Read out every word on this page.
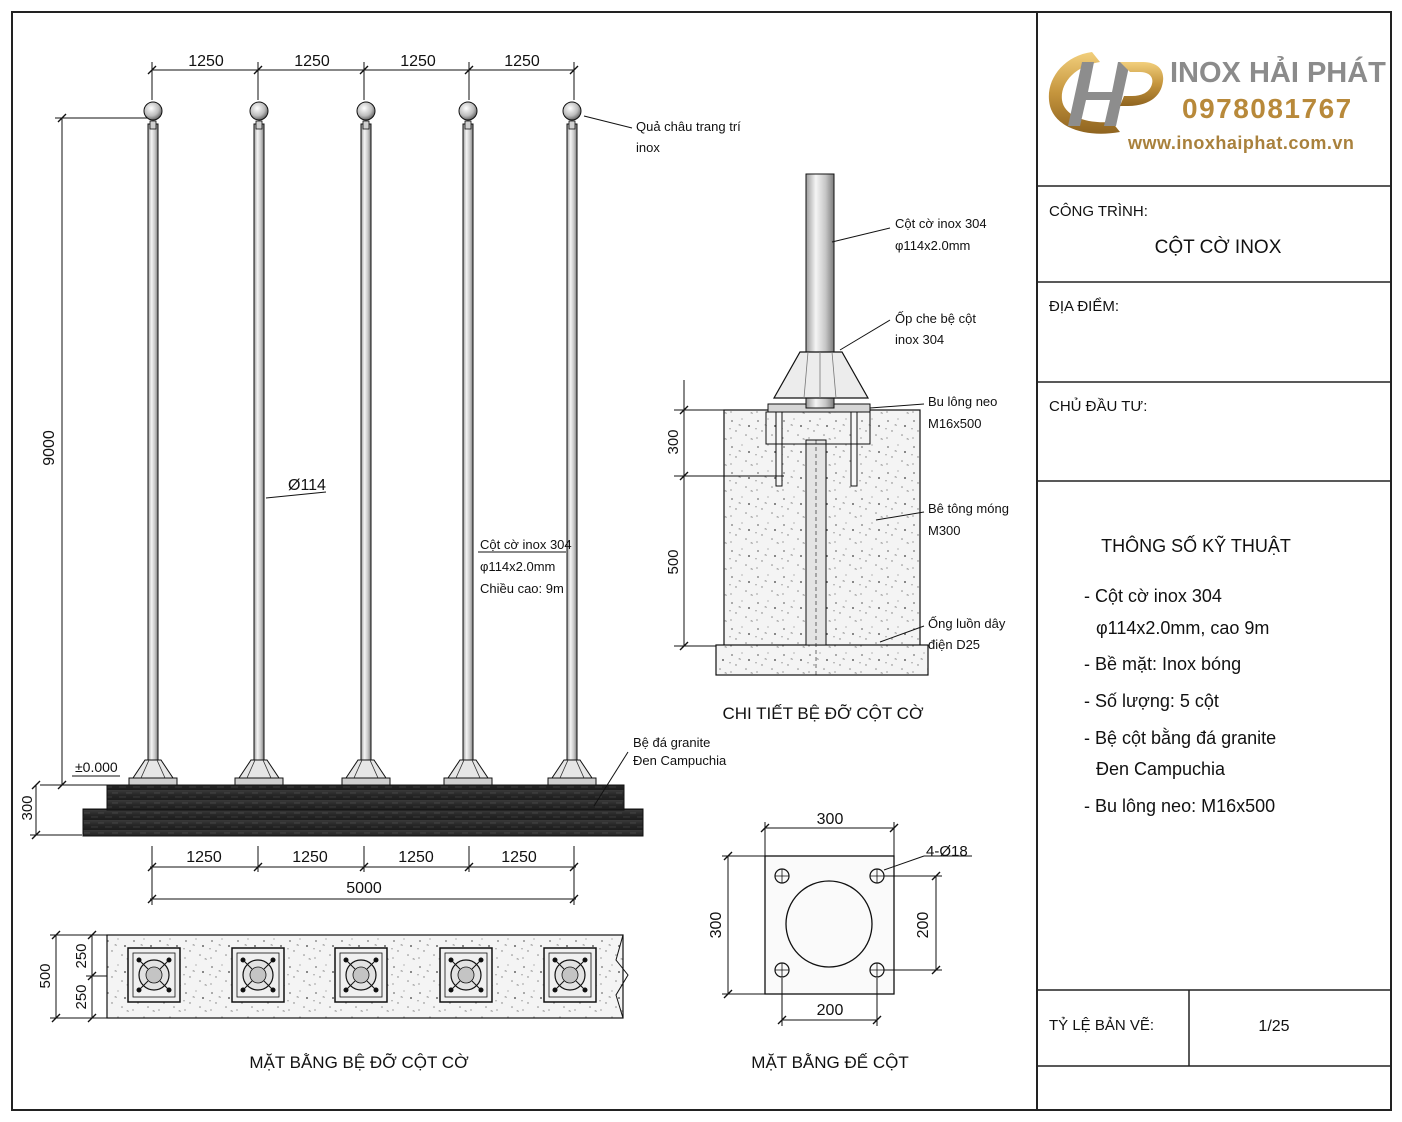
INOX HẢI PHÁT
0978081767
www.inoxhaiphat.com.vn
CÔNG TRÌNH:
CỘT CỜ INOX
ĐỊA ĐIỂM:
CHỦ ĐẦU TƯ:
THÔNG SỐ KỸ THUẬT
- Cột cờ inox 304
φ114x2.0mm, cao 9m
- Bề mặt: Inox bóng
- Số lượng: 5 cột
- Bệ cột bằng đá granite
Đen Campuchia
- Bu lông neo: M16x500
TỶ LỆ BẢN VẼ:	1/25
1250	1250	1250	1250
9000
300
±0.000
Ø114
Quả châu trang trí
inox
Cột cờ inox 304
φ114x2.0mm
Chiều cao: 9m
Bệ đá granite
Đen Campuchia
1250	1250	1250	1250
5000
300
500
Cột cờ inox 304
φ114x2.0mm
Ốp che bệ cột
inox 304
Bu lông neo
M16x500
Bê tông móng
M300
Ống luồn dây
điện D25
CHI TIẾT BỆ ĐỠ CỘT CỜ
500
250
250
MẶT BẰNG BỆ ĐỠ CỘT CỜ
300
300	200
200
4-Ø18
MẶT BẰNG ĐẾ CỘT
